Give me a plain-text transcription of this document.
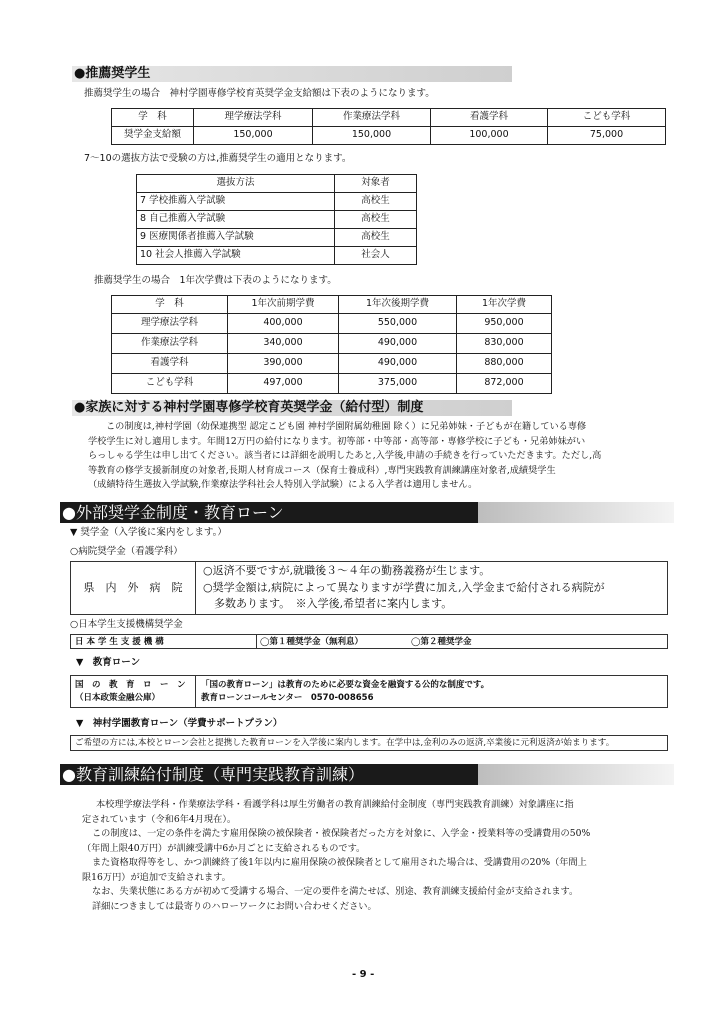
●推薦奨学生
推薦奨学生の場合　神村学園専修学校育英奨学金支給額は下表のようになります。
学　科	理学療法学科	作業療法学科	看護学科	こども学科
奨学金支給額	150,000	150,000	100,000	75,000
7～10の選抜方法で受験の方は,推薦奨学生の適用となります。
選抜方法	対象者
7 学校推薦入学試験	高校生
8 自己推薦入学試験	高校生
9 医療関係者推薦入学試験	高校生
10 社会人推薦入学試験	社会人
推薦奨学生の場合　1年次学費は下表のようになります。
学　科	1年次前期学費	1年次後期学費	1年次学費
理学療法学科	400,000	550,000	950,000
作業療法学科	340,000	490,000	830,000
看護学科	390,000	490,000	880,000
こども学科	497,000	375,000	872,000
●家族に対する神村学園専修学校育英奨学金（給付型）制度
この制度は,神村学園（幼保連携型 認定こども園 神村学園附属幼稚園 除く）に兄弟姉妹・子どもが在籍している専修
学校学生に対し適用します。年間12万円の給付になります。初等部・中等部・高等部・専修学校に子ども・兄弟姉妹がい
らっしゃる学生は申し出てください。該当者には詳細を説明したあと,入学後,申請の手続きを行っていただきます。ただし,高
等教育の修学支援新制度の対象者,長期人材育成コース（保育士養成科）,専門実践教育訓練講座対象者,成績奨学生
（成績特待生選抜入学試験,作業療法学科社会人特別入学試験）による入学者は適用しません。
●外部奨学金制度・教育ローン
▼ 奨学金（入学後に案内をします。）
○病院奨学金（看護学科）
県　内　外　病　院
○返済不要ですが,就職後３～４年の勤務義務が生じます。
○奨学金額は,病院によって異なりますが学費に加え,入学金まで給付される病院が
　多数あります。　※入学後,希望者に案内します。
○日本学生支援機構奨学金
日 本 学 生 支 援 機 構	◯第１種奨学金（無利息）	◯第２種奨学金
▼　教育ローン
国　の　教　育　ロ　ー　ン
（日本政策金融公庫）
「国の教育ローン」は教育のために必要な資金を融資する公的な制度です。
教育ローンコールセンター　0570-008656
▼　神村学園教育ローン（学費サポートプラン）
ご希望の方には,本校とローン会社と提携した教育ローンを入学後に案内します。在学中は,金利のみの返済,卒業後に元利返済が始まります。
●教育訓練給付制度（専門実践教育訓練）
本校理学療法学科・作業療法学科・看護学科は厚生労働者の教育訓練給付金制度（専門実践教育訓練）対象講座に指
定されています（令和6年4月現在）。
この制度は、一定の条件を満たす雇用保険の被保険者・被保険者だった方を対象に、入学金・授業料等の受講費用の50%
（年間上限40万円）が訓練受講中6か月ごとに支給されるものです。
また資格取得等をし、かつ訓練終了後1年以内に雇用保険の被保険者として雇用された場合は、受講費用の20%（年間上
限16万円）が追加で支給されます。
なお、失業状態にある方が初めて受講する場合、一定の要件を満たせば、別途、教育訓練支援給付金が支給されます。
詳細につきましては最寄りのハローワークにお問い合わせください。
- 9 -
